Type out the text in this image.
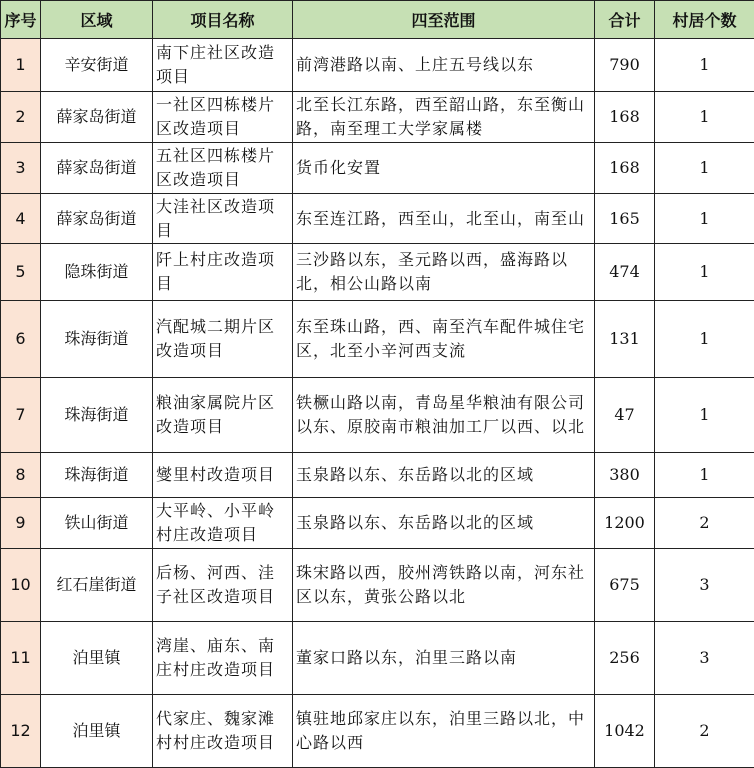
序号	区域	项目名称	四至范围	合计	村居个数
1	辛安街道	南下庄社区改造项目	前湾港路以南、上庄五号线以东	790	1
2	薛家岛街道	一社区四栋楼片区改造项目	北至长江东路，西至韶山路，东至衡山路，南至理工大学家属楼	168	1
3	薛家岛街道	五社区四栋楼片区改造项目	货币化安置	168	1
4	薛家岛街道	大洼社区改造项目	东至连江路，西至山，北至山，南至山	165	1
5	隐珠街道	阡上村庄改造项目	三沙路以东，圣元路以西，盛海路以北，相公山路以南	474	1
6	珠海街道	汽配城二期片区改造项目	东至珠山路，西、南至汽车配件城住宅区，北至小辛河西支流	131	1
7	珠海街道	粮油家属院片区改造项目	铁橛山路以南，青岛星华粮油有限公司以东、原胶南市粮油加工厂以西、以北	47	1
8	珠海街道	燮里村改造项目	玉泉路以东、东岳路以北的区域	380	1
9	铁山街道	大平岭、小平岭村庄改造项目	玉泉路以东、东岳路以北的区域	1200	2
10	红石崖街道	后杨、河西、洼子社区改造项目	珠宋路以西，胶州湾铁路以南，河东社区以东，黄张公路以北	675	3
11	泊里镇	湾崖、庙东、南庄村庄改造项目	董家口路以东，泊里三路以南	256	3
12	泊里镇	代家庄、魏家滩村村庄改造项目	镇驻地邱家庄以东，泊里三路以北，中心路以西	1042	2
